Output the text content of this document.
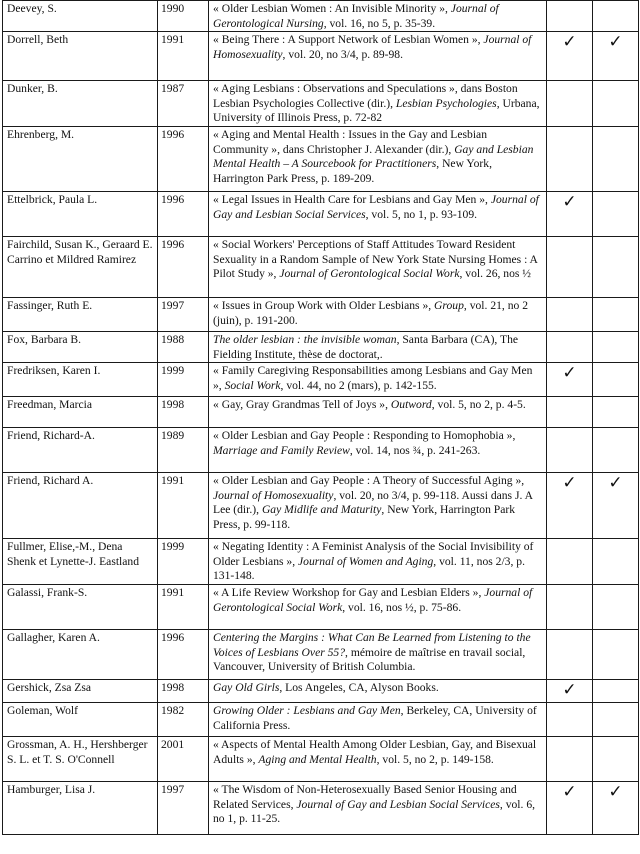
Deevey, S.	1990	« Older Lesbian Women : An Invisible Minority », Journal of Gerontological Nursing, vol. 16, no 5, p. 35-39.		
Dorrell, Beth	1991	« Being There : A Support Network of Lesbian Women », Journal of Homosexuality, vol. 20, no 3/4, p. 89-98.	✓	✓
Dunker, B.	1987	« Aging Lesbians : Observations and Speculations », dans Boston Lesbian Psychologies Collective (dir.), Lesbian Psychologies, Urbana, University of Illinois Press, p. 72-82		
Ehrenberg, M.	1996	« Aging and Mental Health : Issues in the Gay and Lesbian Community », dans Christopher J. Alexander (dir.), Gay and Lesbian Mental Health – A Sourcebook for Practitioners, New York, Harrington Park Press, p. 189-209.		
Ettelbrick, Paula L.	1996	« Legal Issues in Health Care for Lesbians and Gay Men », Journal of Gay and Lesbian Social Services, vol. 5, no 1, p. 93-109.	✓	
Fairchild, Susan K., Geraard E. Carrino et Mildred Ramirez	1996	« Social Workers' Perceptions of Staff Attitudes Toward Resident Sexuality in a Random Sample of New York State Nursing Homes : A Pilot Study », Journal of Gerontological Social Work, vol. 26, nos ½		
Fassinger, Ruth E.	1997	« Issues in Group Work with Older Lesbians », Group, vol. 21, no 2 (juin), p. 191-200.		
Fox, Barbara B.	1988	The older lesbian : the invisible woman, Santa Barbara (CA), The Fielding Institute, thèse de doctorat,.		
Fredriksen, Karen I.	1999	« Family Caregiving Responsabilities among Lesbians and Gay Men », Social Work, vol. 44, no 2 (mars), p. 142-155.	✓	
Freedman, Marcia	1998	« Gay, Gray Grandmas Tell of Joys », Outword, vol. 5, no 2, p. 4-5.		
Friend, Richard-A.	1989	« Older Lesbian and Gay People : Responding to Homophobia », Marriage and Family Review, vol. 14, nos ¾, p. 241-263.		
Friend, Richard A.	1991	« Older Lesbian and Gay People : A Theory of Successful Aging », Journal of Homosexuality, vol. 20, no 3/4, p. 99-118. Aussi dans J. A Lee (dir.), Gay Midlife and Maturity, New York, Harrington Park Press, p. 99-118.	✓	✓
Fullmer, Elise,-M., Dena Shenk et Lynette-J. Eastland	1999	« Negating Identity : A Feminist Analysis of the Social Invisibility of Older Lesbians », Journal of Women and Aging, vol. 11, nos 2/3, p. 131-148.		
Galassi, Frank-S.	1991	« A Life Review Workshop for Gay and Lesbian Elders », Journal of Gerontological Social Work, vol. 16, nos ½, p. 75-86.		
Gallagher, Karen A.	1996	Centering the Margins : What Can Be Learned from Listening to the Voices of Lesbians Over 55?, mémoire de maîtrise en travail social, Vancouver, University of British Columbia.		
Gershick, Zsa Zsa	1998	Gay Old Girls, Los Angeles, CA, Alyson Books.	✓	
Goleman, Wolf	1982	Growing Older : Lesbians and Gay Men, Berkeley, CA, University of California Press.		
Grossman, A. H., Hershberger S. L. et T. S. O'Connell	2001	« Aspects of Mental Health Among Older Lesbian, Gay, and Bisexual Adults », Aging and Mental Health, vol. 5, no 2, p. 149-158.		
Hamburger, Lisa J.	1997	« The Wisdom of Non-Heterosexually Based Senior Housing and Related Services, Journal of Gay and Lesbian Social Services, vol. 6, no 1, p. 11-25.	✓	✓
